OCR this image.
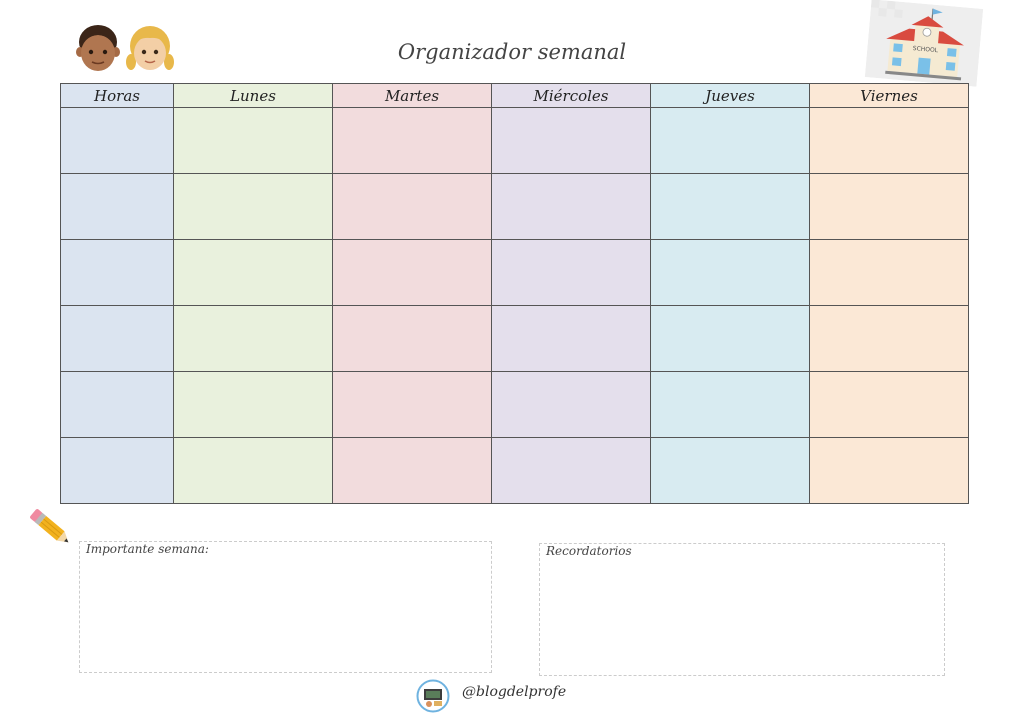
Organizador semanal	SCHOOL
Horas	Lunes	Martes	Miércoles	Jueves	Viernes

Importante semana:	Recordatorios
@blogdelprofe
